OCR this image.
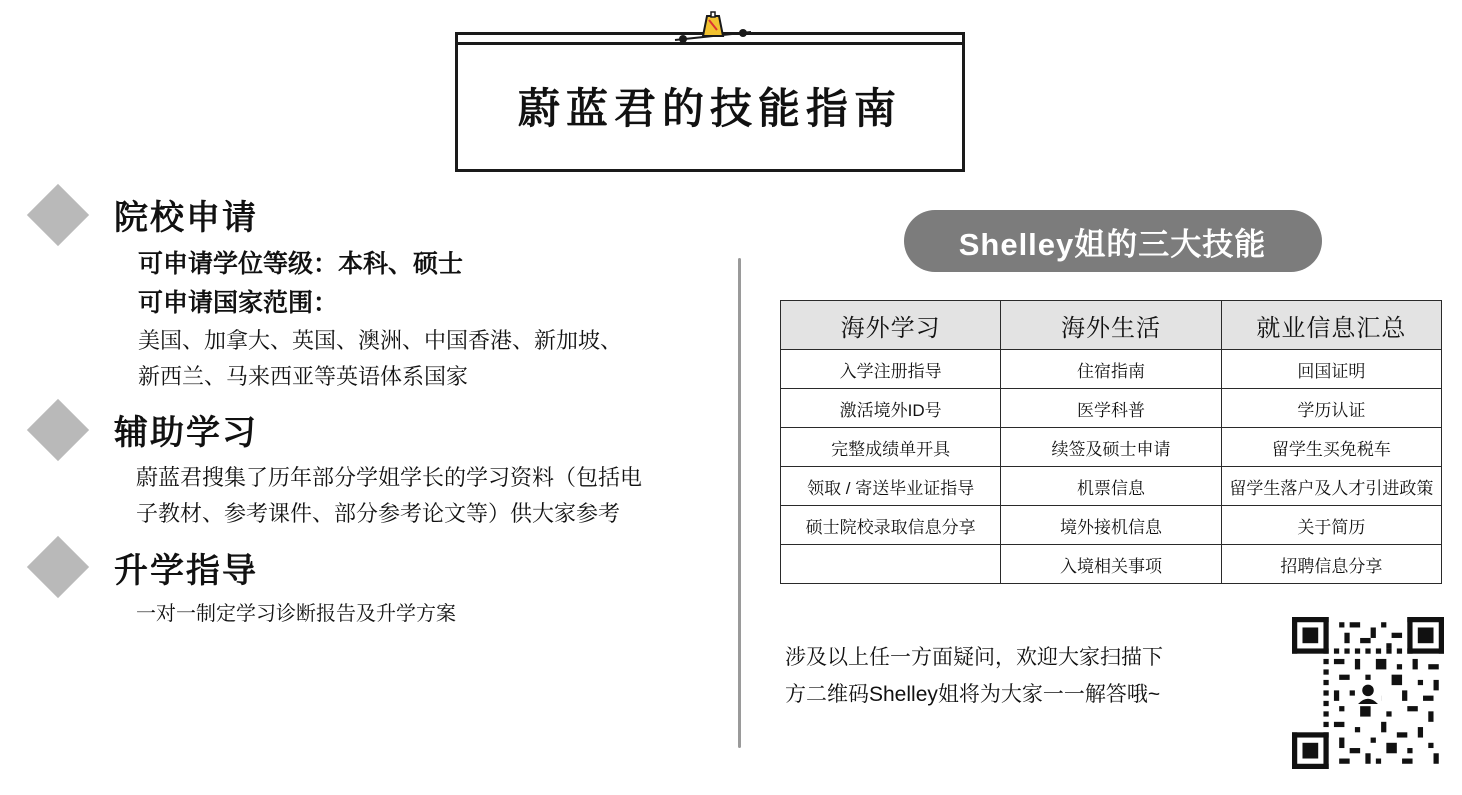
蔚蓝君的技能指南
院校申请
可申请学位等级：本科、硕士
可申请国家范围：
美国、加拿大、英国、澳洲、中国香港、新加坡、
新西兰、马来西亚等英语体系国家
辅助学习
蔚蓝君搜集了历年部分学姐学长的学习资料（包括电
子教材、参考课件、部分参考论文等）供大家参考
升学指导
一对一制定学习诊断报告及升学方案
Shelley姐的三大技能
海外学习	海外生活	就业信息汇总
入学注册指导	住宿指南	回国证明
激活境外ID号	医学科普	学历认证
完整成绩单开具	续签及硕士申请	留学生买免税车
领取 / 寄送毕业证指导	机票信息	留学生落户及人才引进政策
硕士院校录取信息分享	境外接机信息	关于简历
	入境相关事项	招聘信息分享
涉及以上任一方面疑问，欢迎大家扫描下
方二维码Shelley姐将为大家一一解答哦~
